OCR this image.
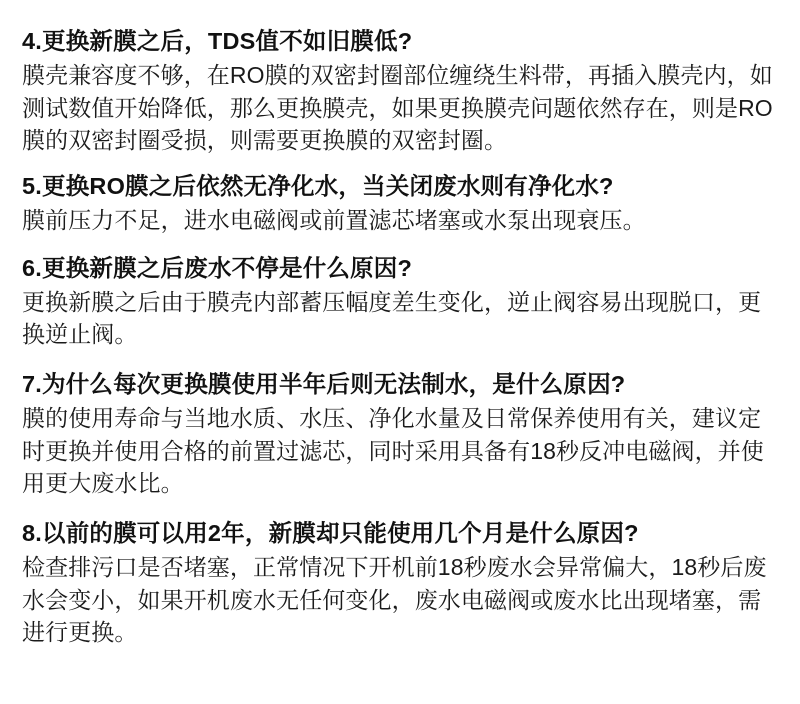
4.更换新膜之后，TDS值不如旧膜低?

膜壳兼容度不够，在RO膜的双密封圈部位缠绕生料带，再插入膜壳内，如测试数值开始降低，那么更换膜壳，如果更换膜壳问题依然存在，则是RO膜的双密封圈受损，则需要更换膜的双密封圈。

5.更换RO膜之后依然无净化水，当关闭废水则有净化水?

膜前压力不足，进水电磁阀或前置滤芯堵塞或水泵出现衰压。

6.更换新膜之后废水不停是什么原因?

更换新膜之后由于膜壳内部蓄压幅度差生变化，逆止阀容易出现脱口，更换逆止阀。

7.为什么每次更换膜使用半年后则无法制水，是什么原因?

膜的使用寿命与当地水质、水压、净化水量及日常保养使用有关，建议定时更换并使用合格的前置过滤芯，同时采用具备有18秒反冲电磁阀，并使用更大废水比。

8.以前的膜可以用2年，新膜却只能使用几个月是什么原因?

检查排污口是否堵塞，正常情况下开机前18秒废水会异常偏大，18秒后废水会变小，如果开机废水无任何变化，废水电磁阀或废水比出现堵塞，需进行更换。
